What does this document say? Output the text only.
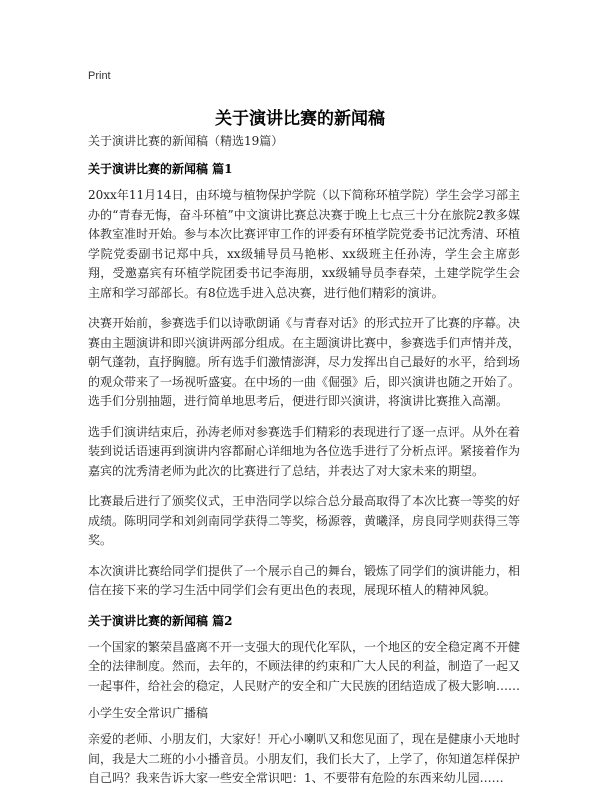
Print
关于演讲比赛的新闻稿

关于演讲比赛的新闻稿（精选19篇）

关于演讲比赛的新闻稿 篇1

20xx年11月14日，由环境与植物保护学院（以下简称环植学院）学生会学习部主办的“青春无悔，奋斗环植”中文演讲比赛总决赛于晚上七点三十分在旅院2教多媒体教室准时开始。参与本次比赛评审工作的评委有环植学院党委书记沈秀清、环植学院党委副书记郑中兵，xx级辅导员马艳彬、xx级班主任孙涛，学生会主席彭翔，受邀嘉宾有环植学院团委书记李海朋，xx级辅导员李春荣，土建学院学生会主席和学习部部长。有8位选手进入总决赛，进行他们精彩的演讲。

决赛开始前，参赛选手们以诗歌朗诵《与青春对话》的形式拉开了比赛的序幕。决赛由主题演讲和即兴演讲两部分组成。在主题演讲比赛中，参赛选手们声情并茂，朝气蓬勃，直抒胸臆。所有选手们激情澎湃，尽力发挥出自己最好的水平，给到场的观众带来了一场视听盛宴。在中场的一曲《倔强》后，即兴演讲也随之开始了。选手们分别抽题，进行简单地思考后，便进行即兴演讲，将演讲比赛推入高潮。

选手们演讲结束后，孙涛老师对参赛选手们精彩的表现进行了逐一点评。从外在着装到说话语速再到演讲内容都耐心详细地为各位选手进行了分析点评。紧接着作为嘉宾的沈秀清老师为此次的比赛进行了总结，并表达了对大家未来的期望。

比赛最后进行了颁奖仪式，王申浩同学以综合总分最高取得了本次比赛一等奖的好成绩。陈明同学和刘剑南同学获得二等奖，杨源蓉，黄曦泽，房良同学则获得三等奖。

本次演讲比赛给同学们提供了一个展示自己的舞台，锻炼了同学们的演讲能力，相信在接下来的学习生活中同学们会有更出色的表现，展现环植人的精神风貌。

关于演讲比赛的新闻稿 篇2

一个国家的繁荣昌盛离不开一支强大的现代化军队，一个地区的安全稳定离不开健全的法律制度。然而，去年的，不顾法律的约束和广大人民的利益，制造了一起又一起事件，给社会的稳定，人民财产的安全和广大民族的团结造成了极大影响……

小学生安全常识广播稿

亲爱的老师、小朋友们，大家好！开心小喇叭又和您见面了，现在是健康小天地时间，我是大二班的小小播音员。小朋友们，我们长大了，上学了，你知道怎样保护自己吗？我来告诉大家一些安全常识吧：1、不要带有危险的东西来幼儿园……
